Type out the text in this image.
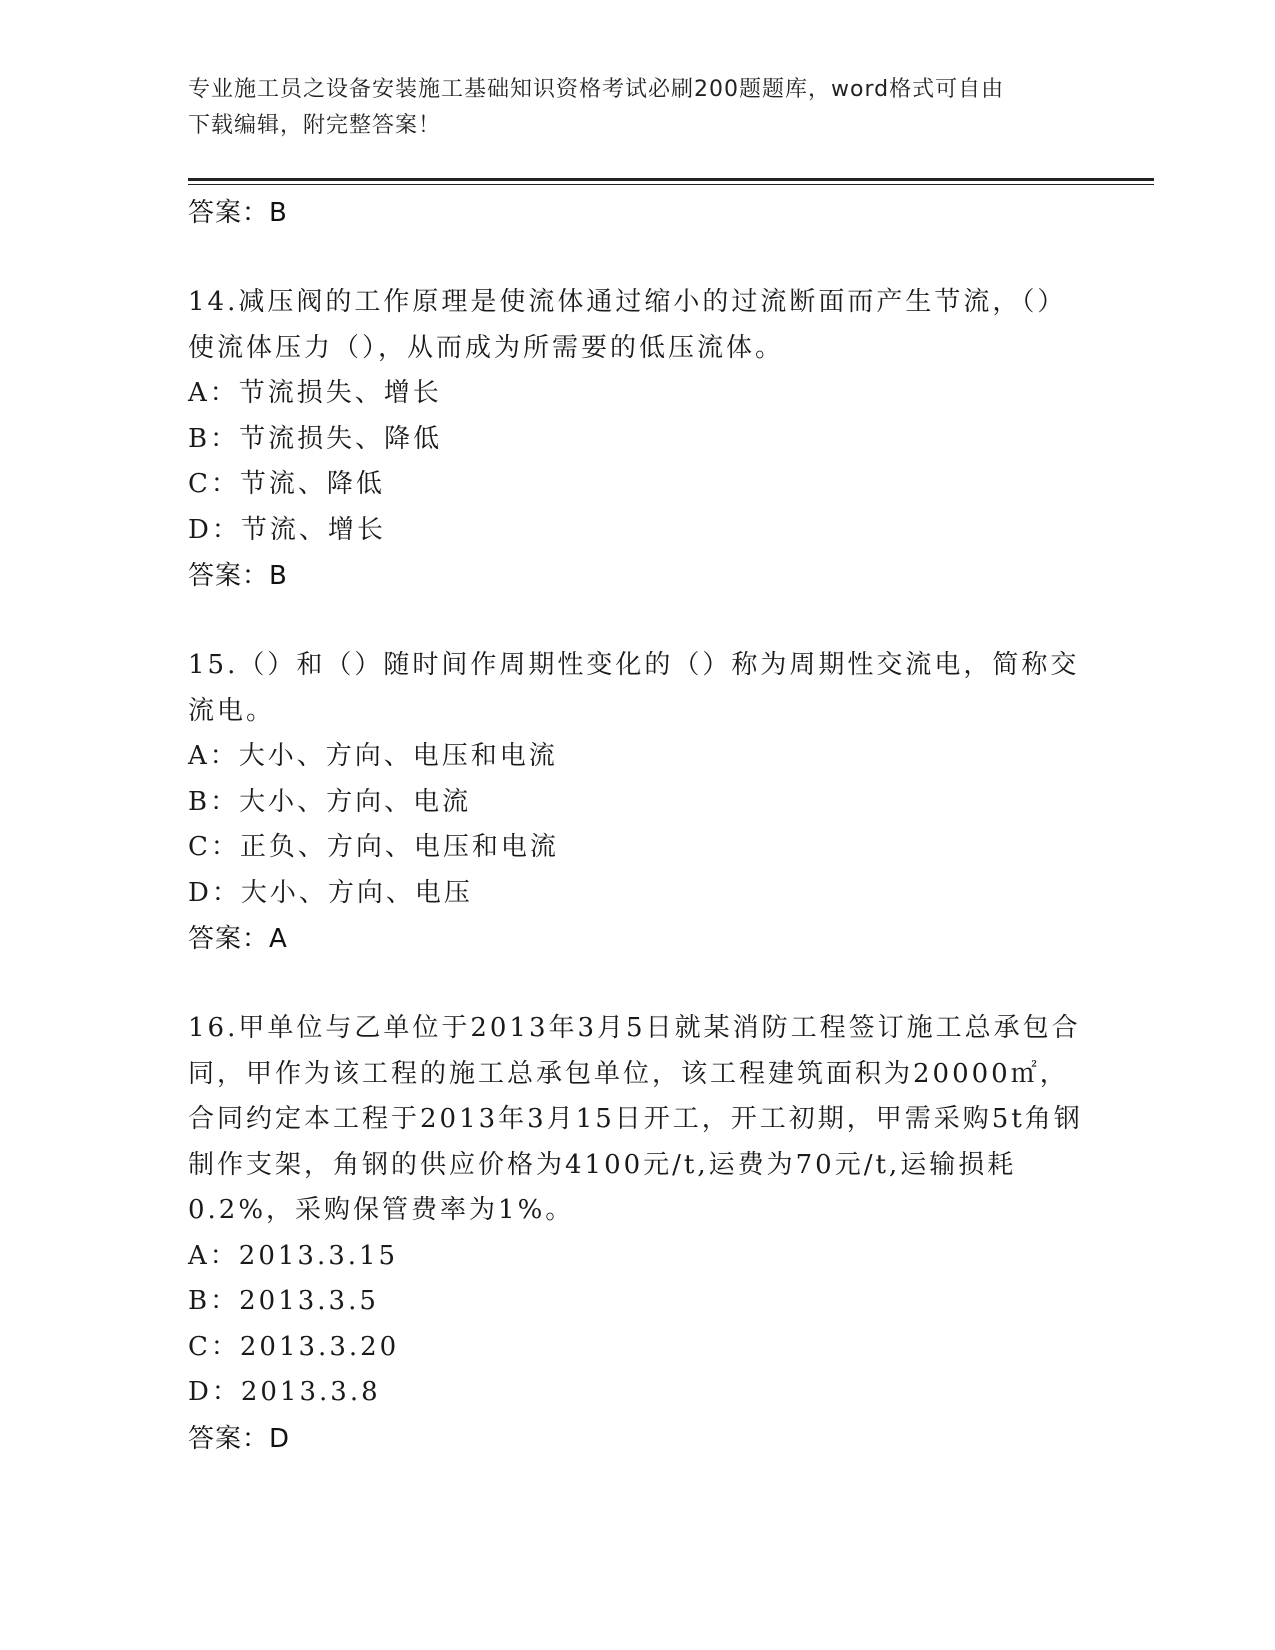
专业施工员之设备安装施工基础知识资格考试必刷200题题库，word格式可自由
下载编辑，附完整答案！
答案：B
14.减压阀的工作原理是使流体通过缩小的过流断面而产生节流，（）使流体压力（），从而成为所需要的低压流体。
A：节流损失、增长
B：节流损失、降低
C：节流、降低
D：节流、增长
答案：B
15.（）和（）随时间作周期性变化的（）称为周期性交流电，简称交流电。
A：大小、方向、电压和电流
B：大小、方向、电流
C：正负、方向、电压和电流
D：大小、方向、电压
答案：A
16.甲单位与乙单位于2013年3月5日就某消防工程签订施工总承包合同，甲作为该工程的施工总承包单位，该工程建筑面积为20000㎡，合同约定本工程于2013年3月15日开工，开工初期，甲需采购5t角钢制作支架，角钢的供应价格为4100元/t,运费为70元/t,运输损耗0.2%，采购保管费率为1%。
A：2013.3.15
B：2013.3.5
C：2013.3.20
D：2013.3.8
答案：D
